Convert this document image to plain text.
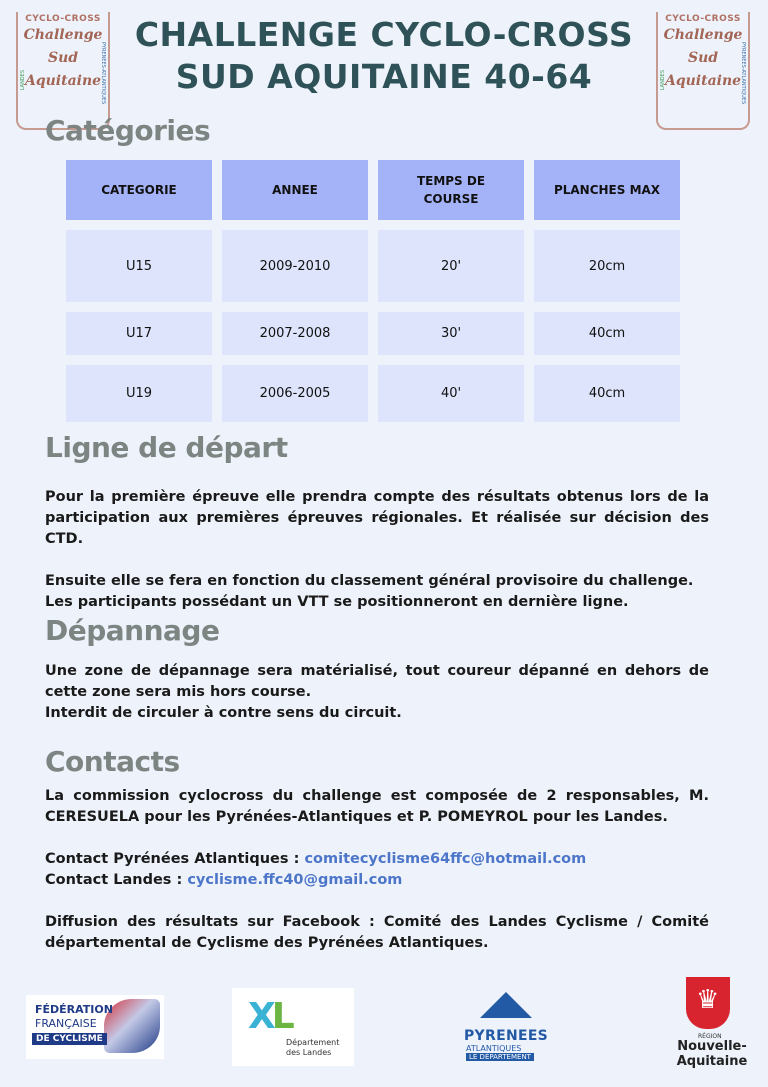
CYCLO-CROSS
Challenge
Sud
Aquitaine
LANDES	PYRENEES-ATLANTIQUES
CYCLO-CROSS
Challenge
Sud
Aquitaine
LANDES	PYRENEES-ATLANTIQUES
CHALLENGE CYCLO-CROSS
SUD AQUITAINE 40-64
Catégories
CATEGORIE	ANNEE	TEMPS DE COURSE	PLANCHES MAX
U15	2009-2010	20'	20cm
U17	2007-2008	30'	40cm
U19	2006-2005	40'	40cm
Ligne de départ

Pour la première épreuve elle prendra compte des résultats obtenus lors de la participation aux premières épreuves régionales. Et réalisée sur décision des CTD.

Ensuite elle se fera en fonction du classement général provisoire du challenge.

Les participants possédant un VTT se positionneront en dernière ligne.

Dépannage

Une zone de dépannage sera matérialisé, tout coureur dépanné en dehors de cette zone sera mis hors course.

Interdit de circuler à contre sens du circuit.

Contacts

La commission cyclocross du challenge est composée de 2 responsables, M. CERESUELA pour les Pyrénées-Atlantiques et P. POMEYROL pour les Landes.

Contact Pyrénées Atlantiques : comitecyclisme64ffc@hotmail.com

Contact Landes : cyclisme.ffc40@gmail.com

Diffusion des résultats sur Facebook : Comité des Landes Cyclisme / Comité départemental de Cyclisme des Pyrénées Atlantiques.

FÉDÉRATION
FRANÇAISE
DE CYCLISME
XL
Département
des Landes
PYRENEES
ATLANTIQUES
LE DÉPARTEMENT
♛
RÉGION
Nouvelle-
Aquitaine
